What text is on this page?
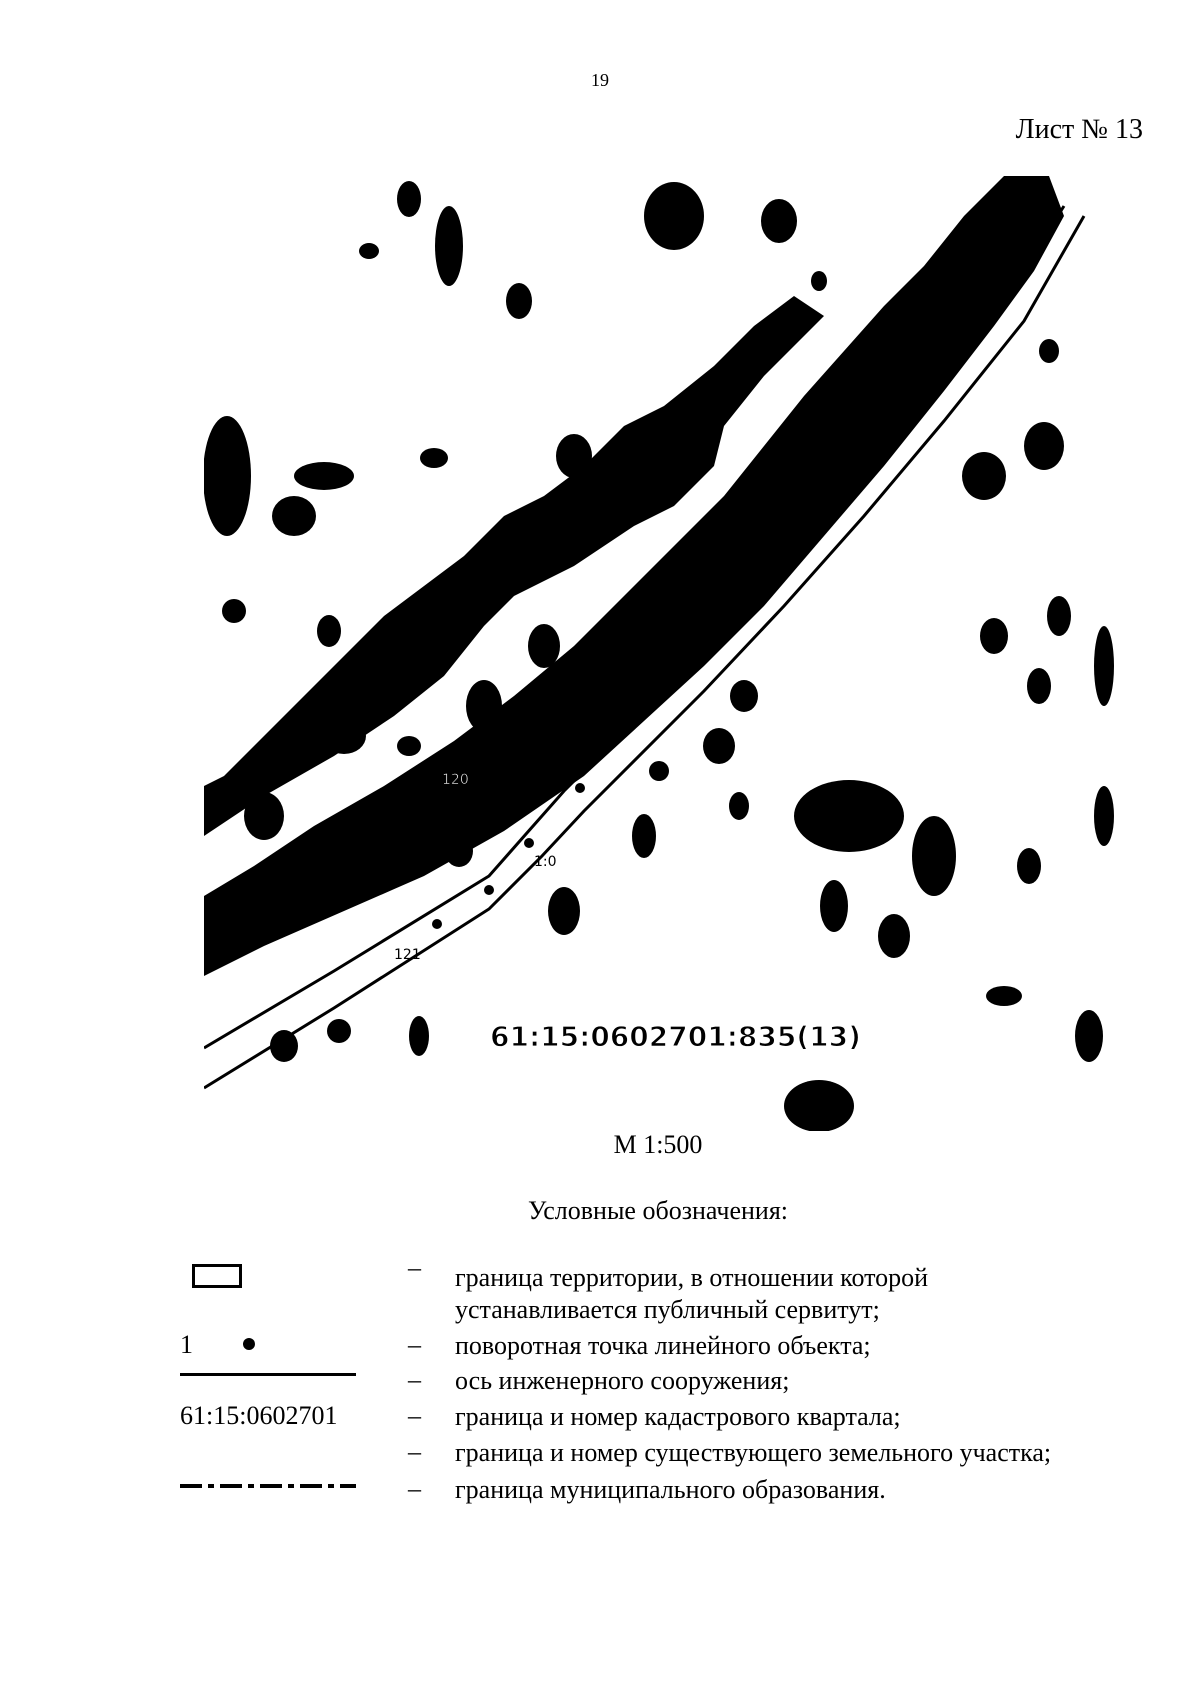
19
Лист № 13
120
1:0
121
61:15:0602701:835(13)
М 1:500
Условные обозначения:
– граница территории, в отношении которой
устанавливается публичный сервитут;
1	– поворотная точка линейного объекта;
– ось инженерного сооружения;
61:15:0602701	– граница и номер кадастрового квартала;
– граница и номер существующего земельного участка;
– граница муниципального образования.
